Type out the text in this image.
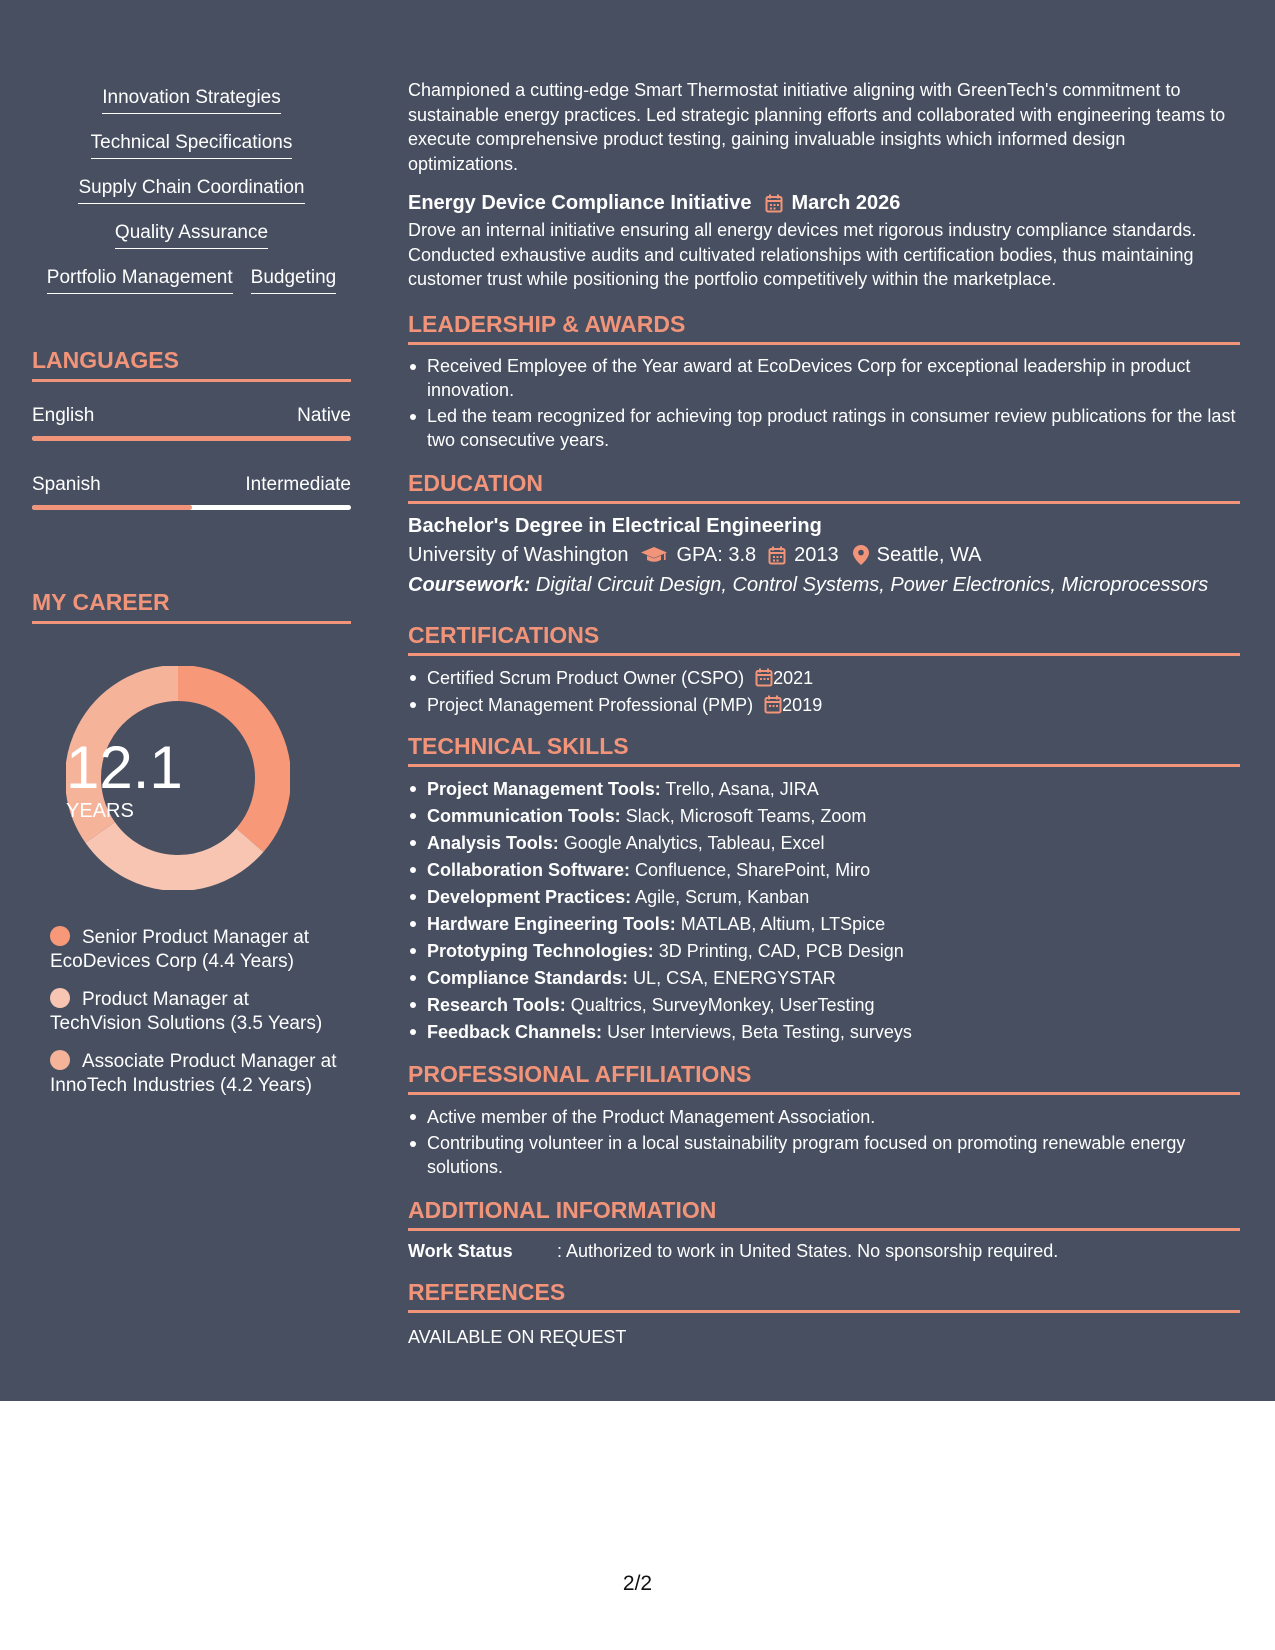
Innovation Strategies
Technical Specifications
Supply Chain Coordination
Quality Assurance
Portfolio Management Budgeting
LANGUAGES
English	Native
Spanish	Intermediate
MY CAREER
12.1
YEARS
Senior Product Manager at EcoDevices Corp (4.4 Years)
Product Manager at TechVision Solutions (3.5 Years)
Associate Product Manager at InnoTech Industries (4.2 Years)
Championed a cutting-edge Smart Thermostat initiative aligning with GreenTech's commitment to sustainable energy practices. Led strategic planning efforts and collaborated with engineering teams to execute comprehensive product testing, gaining invaluable insights which informed design optimizations.
Energy Device Compliance Initiative March 2026
Drove an internal initiative ensuring all energy devices met rigorous industry compliance standards. Conducted exhaustive audits and cultivated relationships with certification bodies, thus maintaining customer trust while positioning the portfolio competitively within the marketplace.
LEADERSHIP & AWARDS
Received Employee of the Year award at EcoDevices Corp for exceptional leadership in product innovation.
Led the team recognized for achieving top product ratings in consumer review publications for the last two consecutive years.
EDUCATION
Bachelor's Degree in Electrical Engineering
University of Washington GPA: 3.8 2013 Seattle, WA
Coursework: Digital Circuit Design, Control Systems, Power Electronics, Microprocessors
CERTIFICATIONS
Certified Scrum Product Owner (CSPO) 2021
Project Management Professional (PMP) 2019
TECHNICAL SKILLS
Project Management Tools: Trello, Asana, JIRA
Communication Tools: Slack, Microsoft Teams, Zoom
Analysis Tools: Google Analytics, Tableau, Excel
Collaboration Software: Confluence, SharePoint, Miro
Development Practices: Agile, Scrum, Kanban
Hardware Engineering Tools: MATLAB, Altium, LTSpice
Prototyping Technologies: 3D Printing, CAD, PCB Design
Compliance Standards: UL, CSA, ENERGYSTAR
Research Tools: Qualtrics, SurveyMonkey, UserTesting
Feedback Channels: User Interviews, Beta Testing, surveys
PROFESSIONAL AFFILIATIONS
Active member of the Product Management Association.
Contributing volunteer in a local sustainability program focused on promoting renewable energy solutions.
ADDITIONAL INFORMATION
Work Status	: Authorized to work in United States. No sponsorship required.
REFERENCES
AVAILABLE ON REQUEST
2/2
